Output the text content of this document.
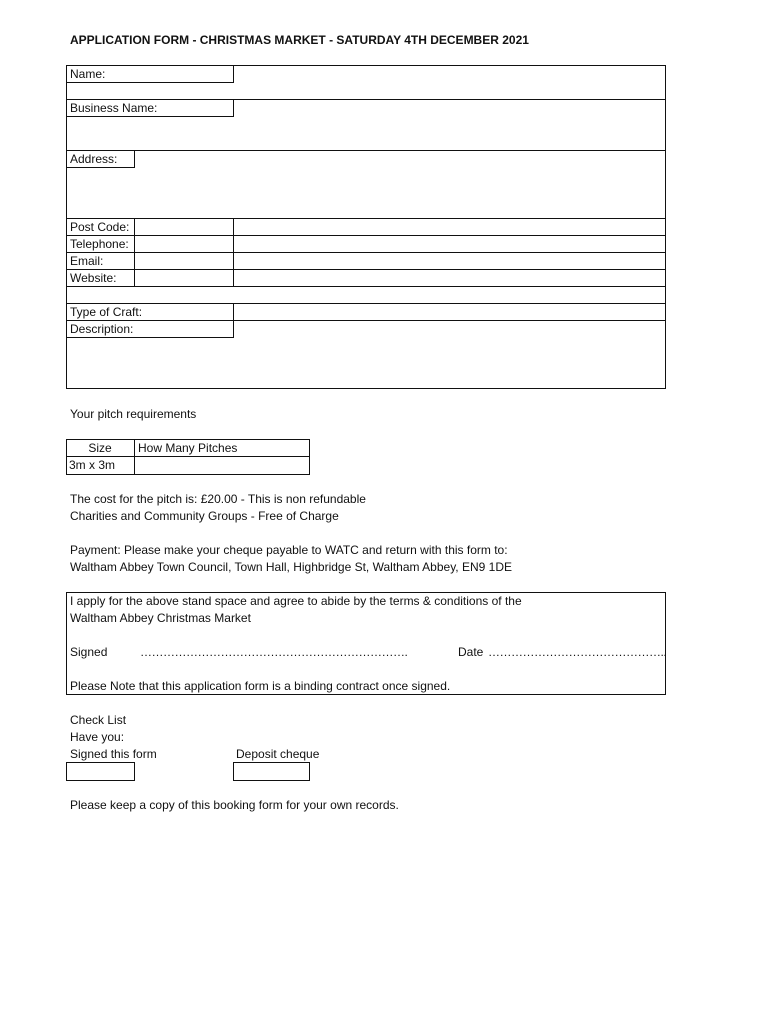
APPLICATION FORM - CHRISTMAS MARKET - SATURDAY 4TH DECEMBER 2021
Name:
Business Name:
Address:
Post Code:
Telephone:
Email:
Website:
Type of Craft:
Description:
Your pitch requirements
Size	How Many Pitches
3m x 3m
The cost for the pitch is: £20.00 - This is non refundable
Charities and Community Groups - Free of Charge
Payment: Please make your cheque payable to WATC and return with this form to:
Waltham Abbey Town Council, Town Hall, Highbridge St, Waltham Abbey, EN9 1DE
I apply for the above stand space and agree to abide by the terms & conditions of the
Waltham Abbey Christmas Market
Signed	…………………………………………………………….	Date ………………………………………..
Please Note that this application form is a binding contract once signed.
Check List
Have you:
Signed this form	Deposit cheque
Please keep a copy of this booking form for your own records.
